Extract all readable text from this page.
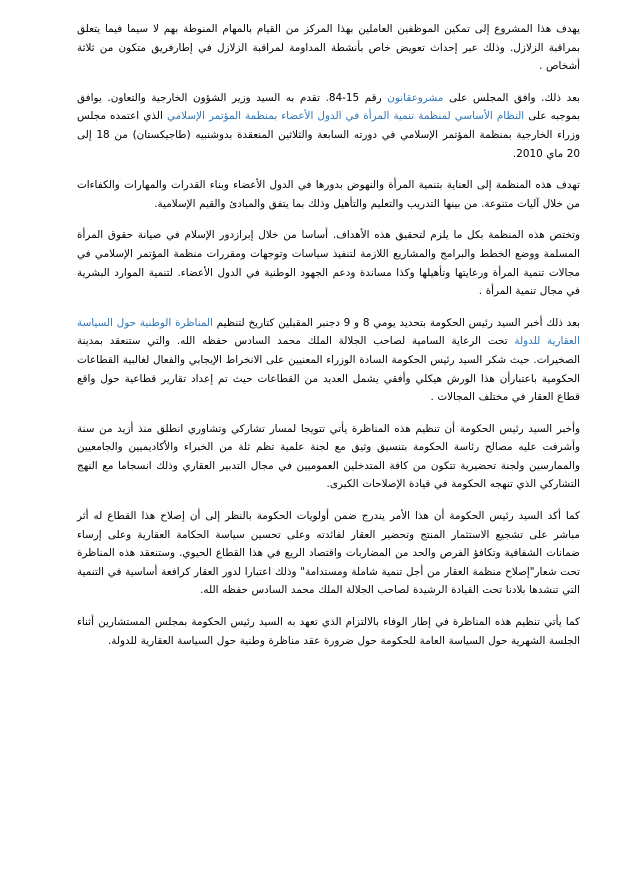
يهدف هذا المشروع إلى تمكين الموظفين العاملين بهذا المركز من القيام بالمهام المنوطة بهم لا سيما فيما يتعلق بمراقبة الزلازل. وذلك عبر إحداث تعويض خاص بأنشطة المداومة لمراقبة الزلازل في إطارفريق متكون من ثلاثة أشخاص .

بعد ذلك. وافق المجلس على مشروعقانون رقم 15-84. تقدم به السيد وزير الشؤون الخارجية والتعاون. يوافق بموجبه على النظام الأساسي لمنظمة تنمية المرأة في الدول الأعضاء بمنظمة المؤتمر الإسلامي الذي اعتمده مجلس وزراء الخارجية بمنظمة المؤتمر الإسلامي في دورته السابعة والثلاثين المنعقدة بدوشنبيه (طاجيكستان) من 18 إلى 20 ماي 2010.

تهدف هذه المنظمة إلى العناية بتنمية المرأة والنهوض بدورها في الدول الأعضاء وبناء القدرات والمهارات والكفاءات من خلال آليات متنوعة. من بينها التدريب والتعليم والتأهيل وذلك بما يتفق والمبادئ والقيم الإسلامية.

وتختص هذه المنظمة بكل ما يلزم لتحقيق هذه الأهداف. أساسا من خلال إبرازدور الإسلام في صيانة حقوق المرأة المسلمة ووضع الخطط والبرامج والمشاريع اللازمة لتنفيذ سياسات وتوجهات ومقررات منظمة المؤتمر الإسلامي في مجالات تنمية المرأة ورعايتها وتأهيلها وكذا مساندة ودعم الجهود الوطنية في الدول الأعضاء. لتنمية الموارد البشرية في مجال تنمية المرأة .

بعد ذلك أخبر السيد رئيس الحكومة بتحديد يومي 8 و 9 دجنبر المقبلين كتاريخ لتنظيم المناظرة الوطنية حول السياسة العقارية للدولة تحت الرعاية السامية لصاحب الجلالة الملك محمد السادس حفظه الله. والتي ستنعقد بمدينة الصخيرات. حيث شكر السيد رئيس الحكومة السادة الوزراء المعنيين على الانخراط الإيجابي والفعال لغالبية القطاعات الحكومية باعتبارأن هذا الورش هيكلي وأفقي يشمل العديد من القطاعات حيث تم إعداد تقارير قطاعية حول واقع قطاع العقار في مختلف المجالات .

وأخبر السيد رئيس الحكومة أن تنظيم هذه المناظرة يأتي تتويجا لمسار تشاركي وتشاوري انطلق منذ أزيد من سنة وأشرفت عليه مصالح رئاسة الحكومة بتنسيق وثيق مع لجنة علمية تظم ثلة من الخبراء والأكاديميين والجامعيين والممارسين ولجنة تحضيرية تتكون من كافة المتدخلين العموميين في مجال التدبير العقاري وذلك انسجاما مع النهج التشاركي الذي تنهجه الحكومة في قيادة الإصلاحات الكبرى.

كما أكد السيد رئيس الحكومة أن هذا الأمر يندرج ضمن أولويات الحكومة بالنظر إلى أن إصلاح هذا القطاع له أثر مباشر على تشجيع الاستثمار المنتج وتحضير العقار لفائدته وعلى تحسين سياسة الحكامة العقارية وعلى إرساء ضمانات الشفافية وتكافؤ الفرص والحد من المضاربات واقتصاد الريع في هذا القطاع الحيوي. وستنعقد هذه المناظرة تحت شعار"إصلاح منظمة العقار من أجل تنمية شاملة ومستدامة" وذلك اعتبارا لدور العقار كرافعة أساسية في التنمية التي تنشدها بلادنا تحت القيادة الرشيدة لصاحب الجلالة الملك محمد السادس حفظه الله.

كما يأتي تنظيم هذه المناظرة في إطار الوفاء بالالتزام الذي تعهد به السيد رئيس الحكومة بمجلس المستشارين أثناء الجلسة الشهرية حول السياسة العامة للحكومة حول ضرورة عقد مناظرة وطنية حول السياسة العقارية للدولة.
